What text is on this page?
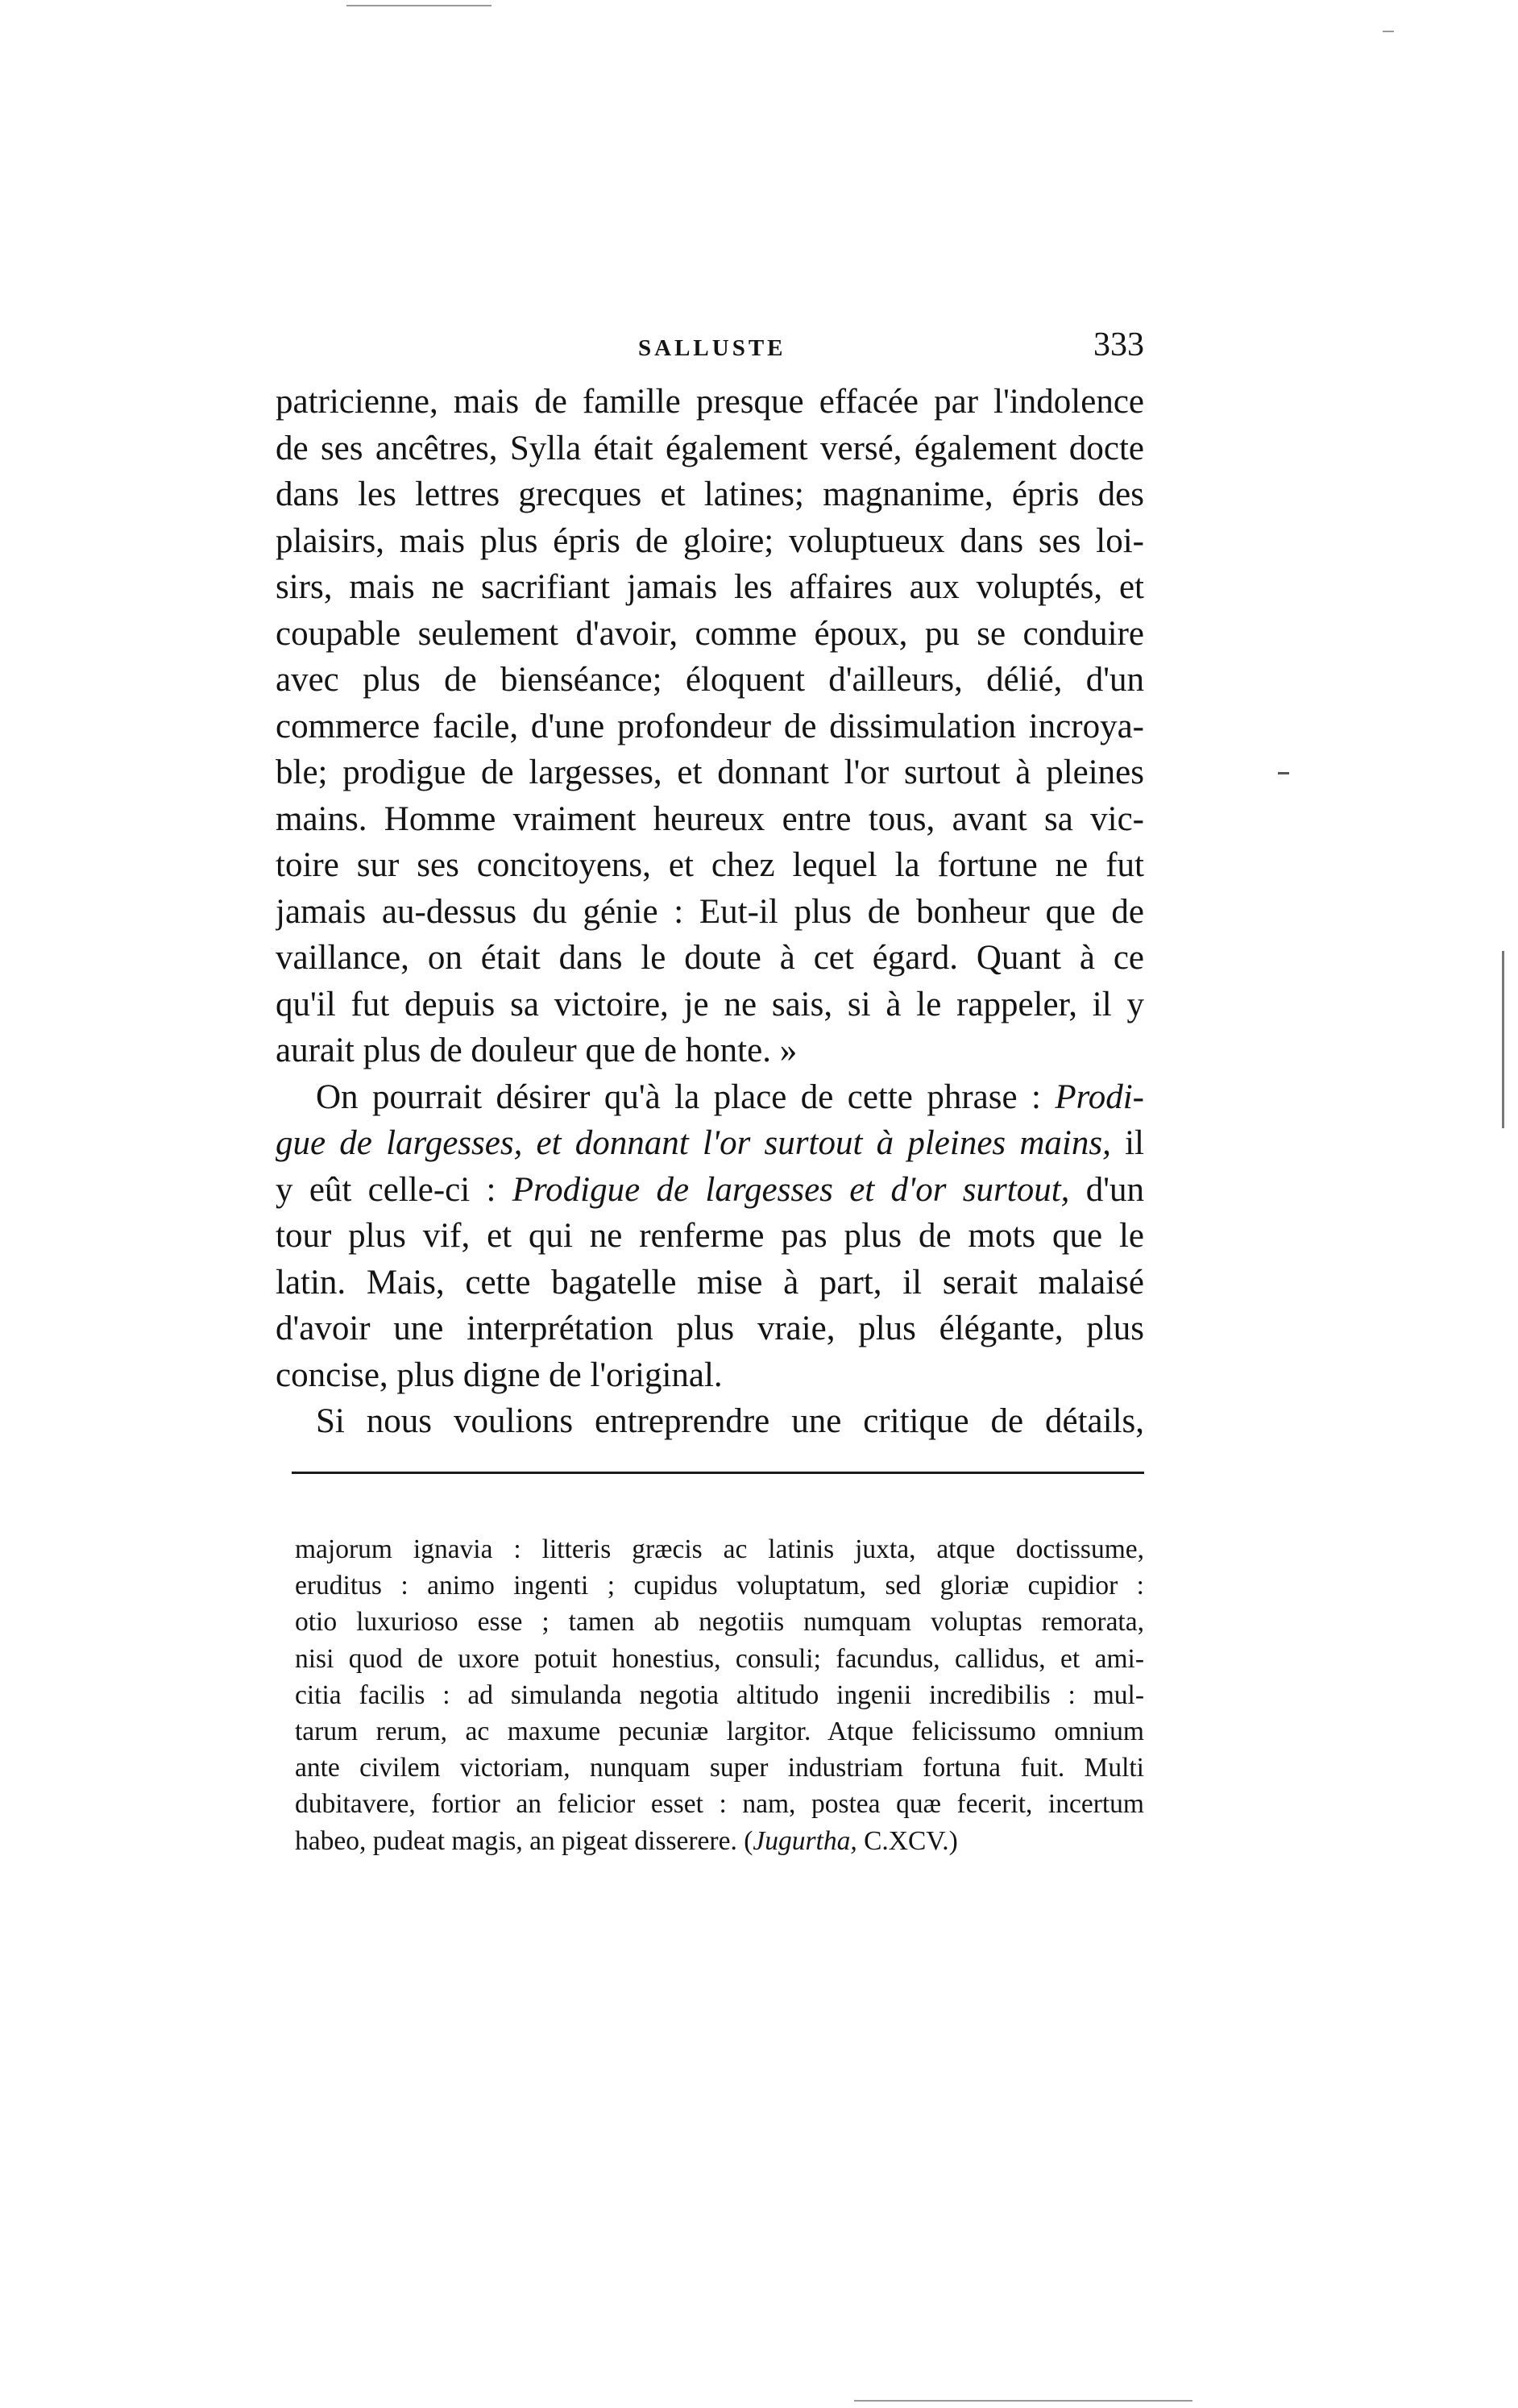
SALLUSTE	333
patricienne, mais de famille presque effacée par l'indolence
de ses ancêtres, Sylla était également versé, également docte
dans les lettres grecques et latines; magnanime, épris des
plaisirs, mais plus épris de gloire; voluptueux dans ses loi-
sirs, mais ne sacrifiant jamais les affaires aux voluptés, et
coupable seulement d'avoir, comme époux, pu se conduire
avec plus de bienséance; éloquent d'ailleurs, délié, d'un
commerce facile, d'une profondeur de dissimulation incroya-
ble; prodigue de largesses, et donnant l'or surtout à pleines
mains. Homme vraiment heureux entre tous, avant sa vic-
toire sur ses concitoyens, et chez lequel la fortune ne fut
jamais au-dessus du génie : Eut-il plus de bonheur que de
vaillance, on était dans le doute à cet égard. Quant à ce
qu'il fut depuis sa victoire, je ne sais, si à le rappeler, il y
aurait plus de douleur que de honte. »
On pourrait désirer qu'à la place de cette phrase : Prodi-
gue de largesses, et donnant l'or surtout à pleines mains, il
y eût celle-ci : Prodigue de largesses et d'or surtout, d'un
tour plus vif, et qui ne renferme pas plus de mots que le
latin. Mais, cette bagatelle mise à part, il serait malaisé
d'avoir une interprétation plus vraie, plus élégante, plus
concise, plus digne de l'original.
Si nous voulions entreprendre une critique de détails,
majorum ignavia : litteris græcis ac latinis juxta, atque doctissume,
eruditus : animo ingenti ; cupidus voluptatum, sed gloriæ cupidior :
otio luxurioso esse ; tamen ab negotiis numquam voluptas remorata,
nisi quod de uxore potuit honestius, consuli; facundus, callidus, et ami-
citia facilis : ad simulanda negotia altitudo ingenii incredibilis : mul-
tarum rerum, ac maxume pecuniæ largitor. Atque felicissumo omnium
ante civilem victoriam, nunquam super industriam fortuna fuit. Multi
dubitavere, fortior an felicior esset : nam, postea quæ fecerit, incertum
habeo, pudeat magis, an pigeat disserere. (Jugurtha, C.XCV.)
